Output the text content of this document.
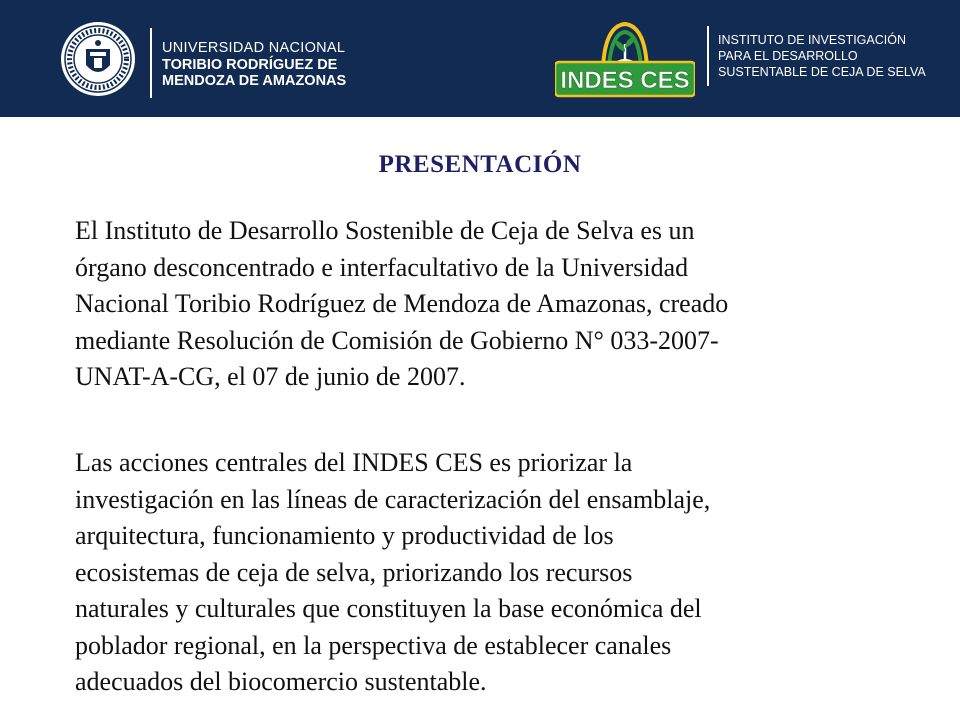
UNIVERSIDAD NACIONAL
TORIBIO RODRÍGUEZ DE
MENDOZA DE AMAZONAS	INDES CES
INSTITUTO DE INVESTIGACIÓN
PARA EL DESARROLLO
SUSTENTABLE DE CEJA DE SELVA
PRESENTACIÓN

El Instituto de Desarrollo Sostenible de Ceja de Selva es un
órgano desconcentrado e interfacultativo de la Universidad
Nacional Toribio Rodríguez de Mendoza de Amazonas, creado
mediante Resolución de Comisión de Gobierno N° 033-2007-
UNAT-A-CG, el 07 de junio de 2007.

Las acciones centrales del INDES CES es priorizar la
investigación en las líneas de caracterización del ensamblaje,
arquitectura, funcionamiento y productividad de los
ecosistemas de ceja de selva, priorizando los recursos
naturales y culturales que constituyen la base económica del
poblador regional, en la perspectiva de establecer canales
adecuados del biocomercio sustentable.
